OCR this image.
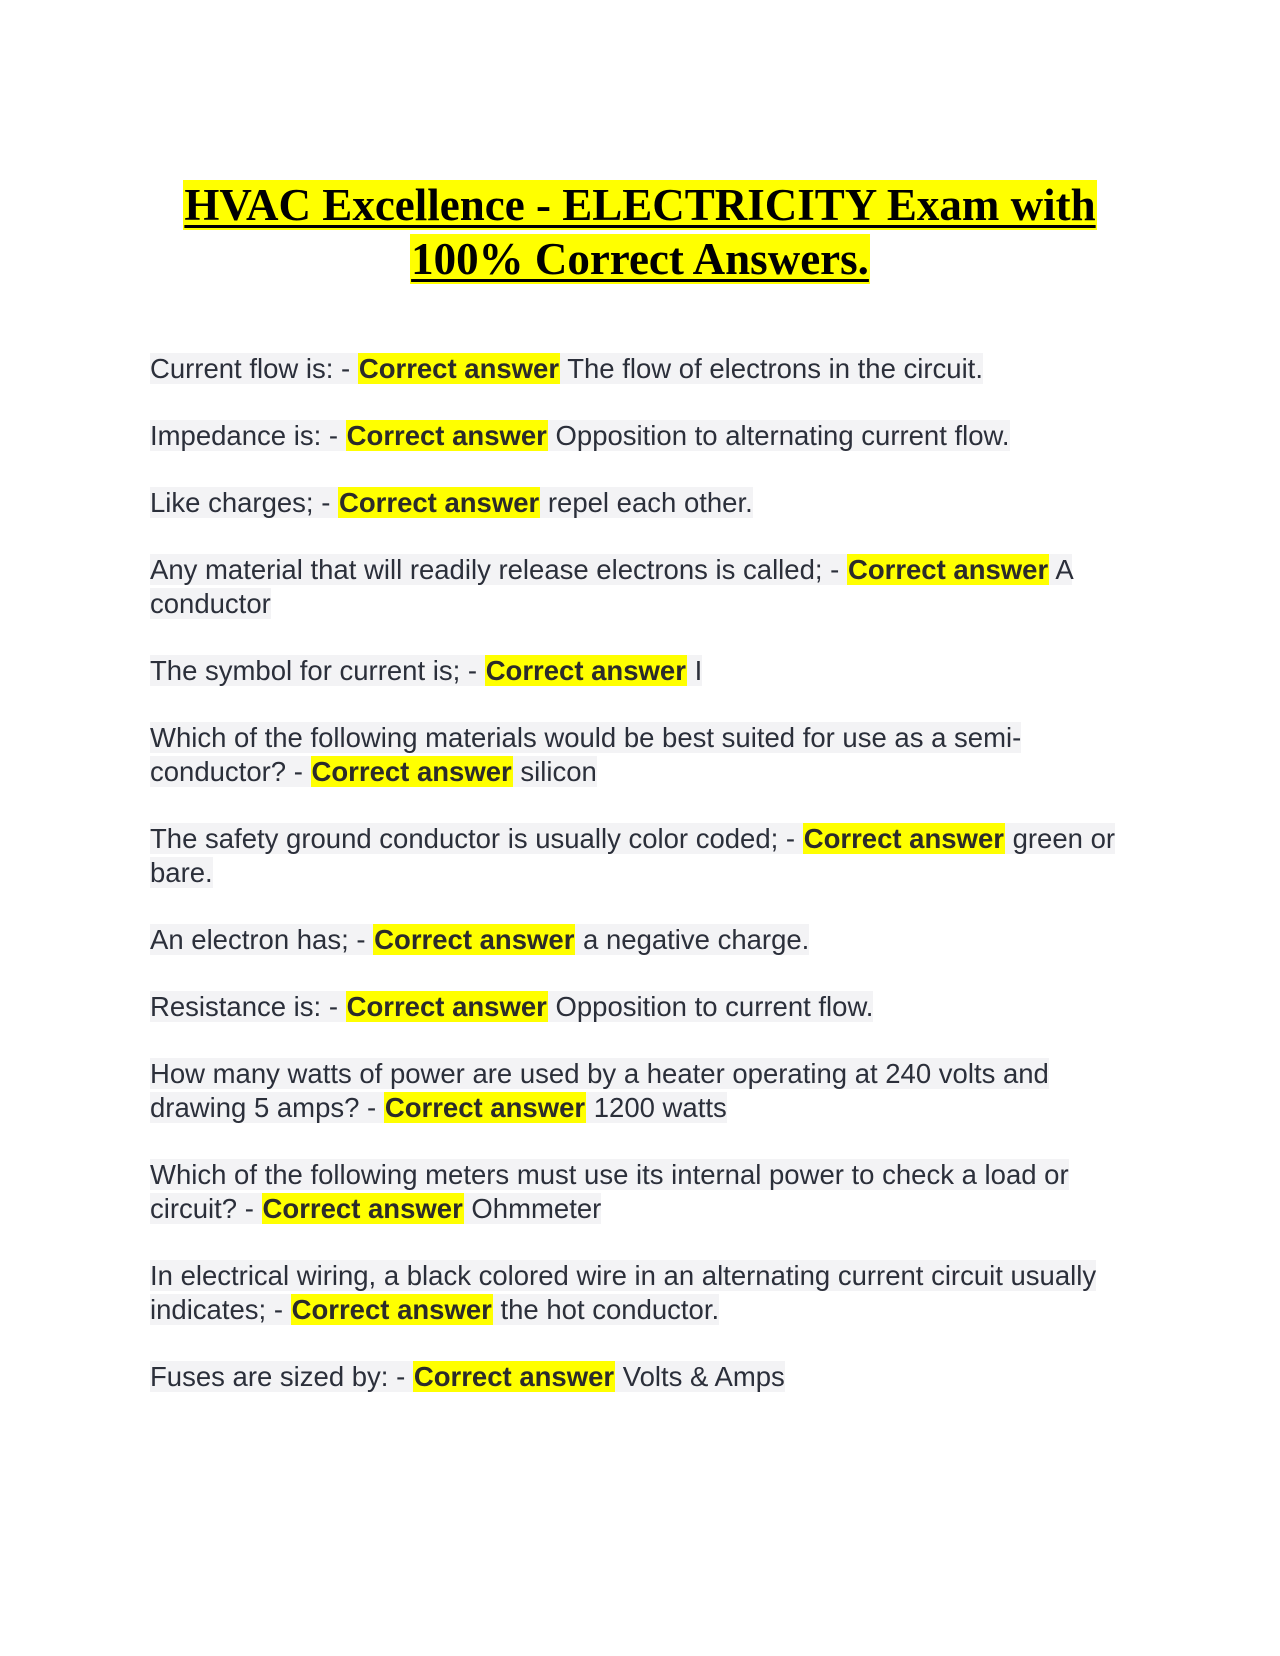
HVAC Excellence - ELECTRICITY Exam with 100% Correct Answers.

Current flow is: - Correct answer The flow of electrons in the circuit.

Impedance is: - Correct answer Opposition to alternating current flow.

Like charges; - Correct answer repel each other.

Any material that will readily release electrons is called; - Correct answer A conductor

The symbol for current is; - Correct answer I

Which of the following materials would be best suited for use as a semi-conductor? - Correct answer silicon

The safety ground conductor is usually color coded; - Correct answer green or bare.

An electron has; - Correct answer a negative charge.

Resistance is: - Correct answer Opposition to current flow.

How many watts of power are used by a heater operating at 240 volts and drawing 5 amps? - Correct answer 1200 watts

Which of the following meters must use its internal power to check a load or circuit? - Correct answer Ohmmeter

In electrical wiring, a black colored wire in an alternating current circuit usually indicates; - Correct answer the hot conductor.

Fuses are sized by: - Correct answer Volts & Amps
